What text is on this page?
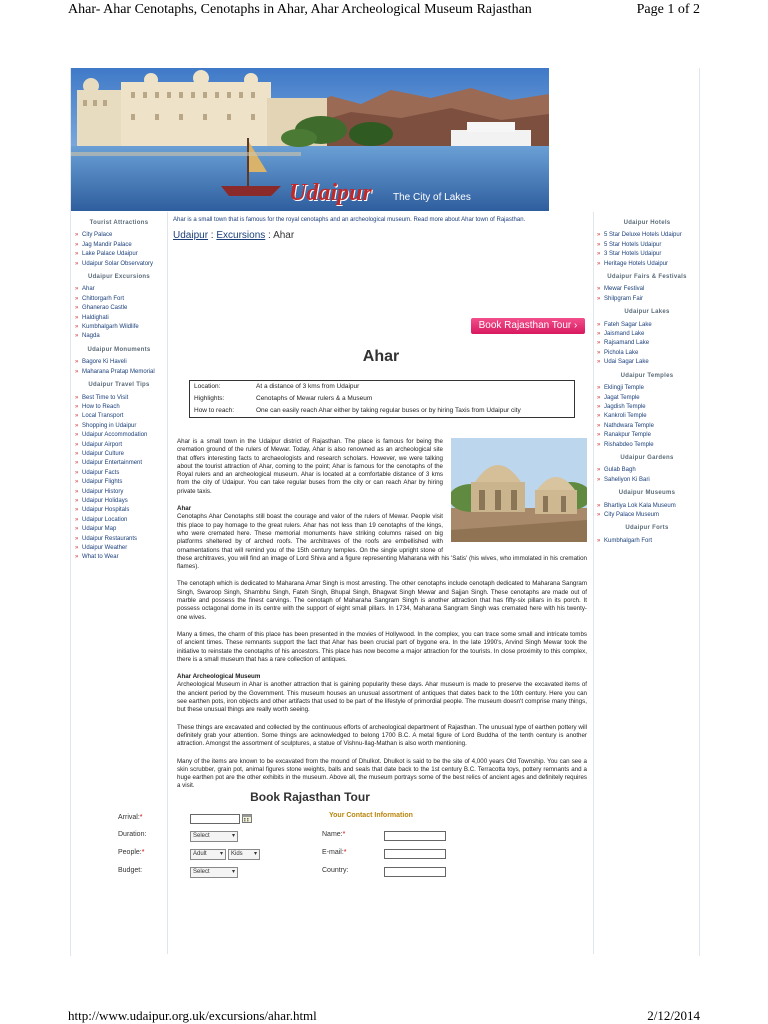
Ahar- Ahar Cenotaphs, Cenotaphs in Ahar, Ahar Archeological Museum Rajasthan	Page 1 of 2
Udaipur The City of Lakes
Tourist Attractions
» City Palace
» Jag Mandir Palace
» Lake Palace Udaipur
» Udaipur Solar Observatory
Udaipur Excursions
» Ahar
» Chittorgarh Fort
» Ghanerao Castle
» Haldighati
» Kumbhalgarh Wildlife
» Nagda
Udaipur Monuments
» Bagore Ki Haveli
» Maharana Pratap Memorial
Udaipur Travel Tips
» Best Time to Visit
» How to Reach
» Local Transport
» Shopping in Udaipur
» Udaipur Accommodation
» Udaipur Airport
» Udaipur Culture
» Udaipur Entertainment
» Udaipur Facts
» Udaipur Flights
» Udaipur History
» Udaipur Holidays
» Udaipur Hospitals
» Udaipur Location
» Udaipur Map
» Udaipur Restaurants
» Udaipur Weather
» What to Wear
Udaipur Hotels
» 5 Star Deluxe Hotels Udaipur
» 5 Star Hotels Udaipur
» 3 Star Hotels Udaipur
» Heritage Hotels Udaipur
Udaipur Fairs & Festivals
» Mewar Festival
» Shilpgram Fair
Udaipur Lakes
» Fateh Sagar Lake
» Jaismand Lake
» Rajsamand Lake
» Pichola Lake
» Udai Sagar Lake
Udaipur Temples
» Eklingji Temple
» Jagat Temple
» Jagdish Temple
» Kankroli Temple
» Nathdwara Temple
» Ranakpur Temple
» Rishabdeo Temple
Udaipur Gardens
» Gulab Bagh
» Saheliyon Ki Bari
Udaipur Museums
» Bhartiya Lok Kala Museum
» City Palace Museum
Udaipur Forts
» Kumbhalgarh Fort
Ahar is a small town that is famous for the royal cenotaphs and an archeological museum. Read more about Ahar town of Rajasthan.
Udaipur : Excursions : Ahar
Book Rajasthan Tour ›
Ahar
Location:	At a distance of 3 kms from Udaipur
Highlights:	Cenotaphs of Mewar rulers & a Museum
How to reach:	One can easily reach Ahar either by taking regular buses or by hiring Taxis from Udaipur city

Ahar is a small town in the Udaipur district of Rajasthan. The place is famous for being the cremation ground of the rulers of Mewar. Today, Ahar is also renowned as an archeological site that offers interesting facts to archaeologists and research scholars. However, we were talking about the tourist attraction of Ahar, coming to the point; Ahar is famous for the cenotaphs of the Royal rulers and an archeological museum. Ahar is located at a comfortable distance of 3 kms from the city of Udaipur. You can take regular buses from the city or can reach Ahar by hiring private taxis.

Ahar

Cenotaphs Ahar Cenotaphs still boast the courage and valor of the rulers of Mewar. People visit this place to pay homage to the great rulers. Ahar has not less than 19 cenotaphs of the kings, who were cremated here. These memorial monuments have striking columns raised on big platforms sheltered by of arched roofs. The architraves of the roofs are embellished with ornamentations that will remind you of the 15th century temples. On the single upright stone of these architraves, you will find an image of Lord Shiva and a figure representing Maharana with his 'Satis' (his wives, who immolated in his cremation flames).

The cenotaph which is dedicated to Maharana Amar Singh is most arresting. The other cenotaphs include cenotaph dedicated to Maharana Sangram Singh, Swaroop Singh, Shambhu Singh, Fateh Singh, Bhupal Singh, Bhagwat Singh Mewar and Sajjan Singh. These cenotaphs are made out of marble and possess the finest carvings. The cenotaph of Maharaha Sangram Singh is another attraction that has fifty-six pillars in its porch. It possess octagonal dome in its centre with the support of eight small pillars. In 1734, Maharana Sangram Singh was cremated here with his twenty-one wives.

Many a times, the charm of this place has been presented in the movies of Hollywood. In the complex, you can trace some small and intricate tombs of ancient times. These remnants support the fact that Ahar has been crucial part of bygone era. In the late 1990's, Arvind Singh Mewar took the initiative to reinstate the cenotaphs of his ancestors. This place has now become a major attraction for the tourists. In close proximity to this complex, there is a small museum that has a rare collection of antiques.

Ahar Archeological Museum

Archeological Museum in Ahar is another attraction that is gaining popularity these days. Ahar museum is made to preserve the excavated items of the ancient period by the Government. This museum houses an unusual assortment of antiques that dates back to the 10th century. Here you can see earthen pots, iron objects and other artifacts that used to be part of the lifestyle of primordial people. The museum doesn't comprise many things, but these unusual things are really worth seeing.

These things are excavated and collected by the continuous efforts of archeological department of Rajasthan. The unusual type of earthen pottery will definitely grab your attention. Some things are acknowledged to belong 1700 B.C. A metal figure of Lord Buddha of the tenth century is another attraction. Amongst the assortment of sculptures, a statue of Vishnu-Ilag-Mathan is also worth mentioning.

Many of the items are known to be excavated from the mound of Dhulkot. Dhulkot is said to be the site of 4,000 years Old Township. You can see a skin scrubber, grain pot, animal figures stone weights, balls and seals that date back to the 1st century B.C. Terracotta toys, pottery remnants and a huge earthen pot are the other exhibits in the museum. Above all, the museum portrays some of the best relics of ancient ages and definitely requires a visit.

Book Rajasthan Tour
Arrival:*
Duration:	Select ▾
People:*	Adult ▾	Kids ▾
Budget:	Select ▾
Your Contact Information
Name:*
E-mail:*
Country:
http://www.udaipur.org.uk/excursions/ahar.html	2/12/2014
